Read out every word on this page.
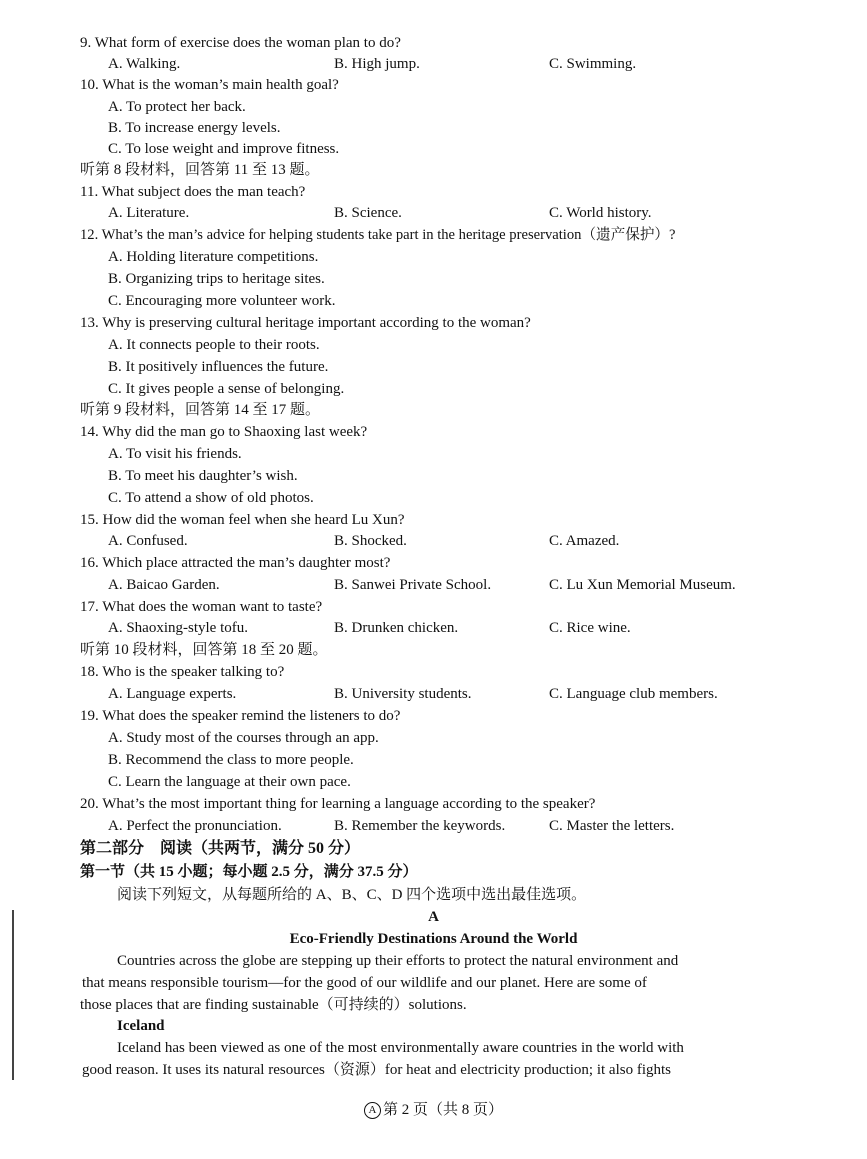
9. What form of exercise does the woman plan to do?
A. Walking.	B. High jump.	C. Swimming.
10. What is the woman’s main health goal?
A. To protect her back.
B. To increase energy levels.
C. To lose weight and improve fitness.
听第 8 段材料，回答第 11 至 13 题。
11. What subject does the man teach?
A. Literature.	B. Science.	C. World history.
12. What’s the man’s advice for helping students take part in the heritage preservation（遗产保护）?
A. Holding literature competitions.
B. Organizing trips to heritage sites.
C. Encouraging more volunteer work.
13. Why is preserving cultural heritage important according to the woman?
A. It connects people to their roots.
B. It positively influences the future.
C. It gives people a sense of belonging.
听第 9 段材料，回答第 14 至 17 题。
14. Why did the man go to Shaoxing last week?
A. To visit his friends.
B. To meet his daughter’s wish.
C. To attend a show of old photos.
15. How did the woman feel when she heard Lu Xun?
A. Confused.	B. Shocked.	C. Amazed.
16. Which place attracted the man’s daughter most?
A. Baicao Garden.	B. Sanwei Private School.	C. Lu Xun Memorial Museum.
17. What does the woman want to taste?
A. Shaoxing-style tofu.	B. Drunken chicken.	C. Rice wine.
听第 10 段材料，回答第 18 至 20 题。
18. Who is the speaker talking to?
A. Language experts.	B. University students.	C. Language club members.
19. What does the speaker remind the listeners to do?
A. Study most of the courses through an app.
B. Recommend the class to more people.
C. Learn the language at their own pace.
20. What’s the most important thing for learning a language according to the speaker?
A. Perfect the pronunciation.	B. Remember the keywords.	C. Master the letters.
第二部分　阅读（共两节，满分 50 分）
第一节（共 15 小题；每小题 2.5 分，满分 37.5 分）
阅读下列短文，从每题所给的 A、B、C、D 四个选项中选出最佳选项。
A
Eco-Friendly Destinations Around the World
Countries across the globe are stepping up their efforts to protect the natural environment and
that means responsible tourism—for the good of our wildlife and our planet. Here are some of
those places that are finding sustainable（可持续的）solutions.
Iceland
Iceland has been viewed as one of the most environmentally aware countries in the world with
good reason. It uses its natural resources（资源）for heat and electricity production; it also fights
A 第 2 页（共 8 页）
